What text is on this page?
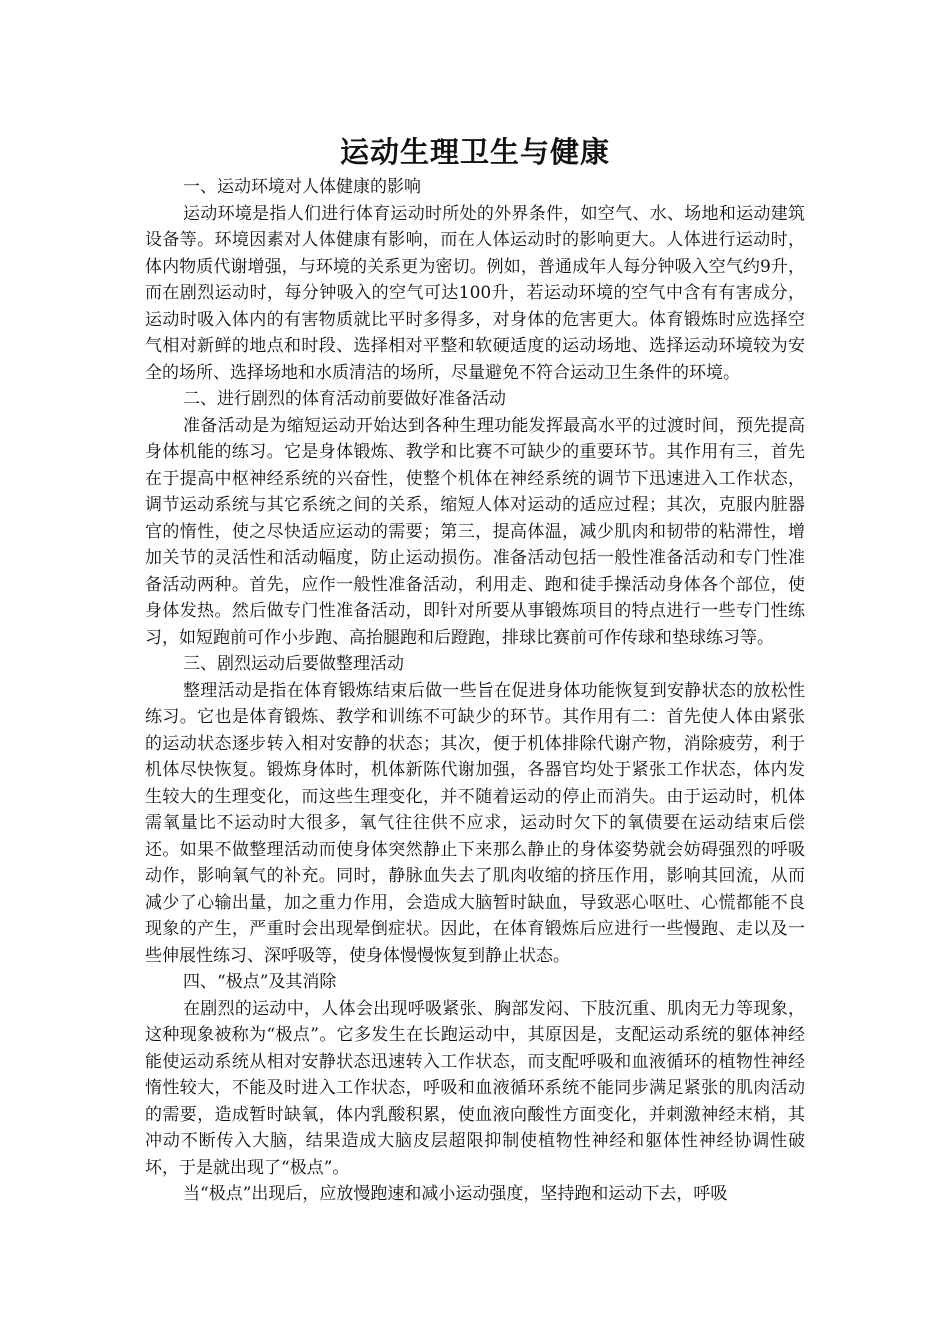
运动生理卫生与健康

一、运动环境对人体健康的影响

运动环境是指人们进行体育运动时所处的外界条件，如空气、水、场地和运动建筑设备等。环境因素对人体健康有影响，而在人体运动时的影响更大。人体进行运动时，体内物质代谢增强，与环境的关系更为密切。例如，普通成年人每分钟吸入空气约9升，而在剧烈运动时，每分钟吸入的空气可达100升，若运动环境的空气中含有有害成分，运动时吸入体内的有害物质就比平时多得多，对身体的危害更大。体育锻炼时应选择空气相对新鲜的地点和时段、选择相对平整和软硬适度的运动场地、选择运动环境较为安全的场所、选择场地和水质清洁的场所，尽量避免不符合运动卫生条件的环境。

二、进行剧烈的体育活动前要做好准备活动

准备活动是为缩短运动开始达到各种生理功能发挥最高水平的过渡时间，预先提高身体机能的练习。它是身体锻炼、教学和比赛不可缺少的重要环节。其作用有三，首先在于提高中枢神经系统的兴奋性，使整个机体在神经系统的调节下迅速进入工作状态，调节运动系统与其它系统之间的关系，缩短人体对运动的适应过程；其次，克服内脏器官的惰性，使之尽快适应运动的需要；第三，提高体温，减少肌肉和韧带的粘滞性，增加关节的灵活性和活动幅度，防止运动损伤。准备活动包括一般性准备活动和专门性准备活动两种。首先，应作一般性准备活动，利用走、跑和徒手操活动身体各个部位，使身体发热。然后做专门性准备活动，即针对所要从事锻炼项目的特点进行一些专门性练习，如短跑前可作小步跑、高抬腿跑和后蹬跑，排球比赛前可作传球和垫球练习等。

三、剧烈运动后要做整理活动

整理活动是指在体育锻炼结束后做一些旨在促进身体功能恢复到安静状态的放松性练习。它也是体育锻炼、教学和训练不可缺少的环节。其作用有二：首先使人体由紧张的运动状态逐步转入相对安静的状态；其次，便于机体排除代谢产物，消除疲劳，利于机体尽快恢复。锻炼身体时，机体新陈代谢加强，各器官均处于紧张工作状态，体内发生较大的生理变化，而这些生理变化，并不随着运动的停止而消失。由于运动时，机体需氧量比不运动时大很多，氧气往往供不应求，运动时欠下的氧债要在运动结束后偿还。如果不做整理活动而使身体突然静止下来那么静止的身体姿势就会妨碍强烈的呼吸动作，影响氧气的补充。同时，静脉血失去了肌肉收缩的挤压作用，影响其回流，从而减少了心输出量，加之重力作用，会造成大脑暂时缺血，导致恶心呕吐、心慌都能不良现象的产生，严重时会出现晕倒症状。因此，在体育锻炼后应进行一些慢跑、走以及一些伸展性练习、深呼吸等，使身体慢慢恢复到静止状态。

四、“极点”及其消除

在剧烈的运动中，人体会出现呼吸紧张、胸部发闷、下肢沉重、肌肉无力等现象，这种现象被称为“极点”。它多发生在长跑运动中，其原因是，支配运动系统的躯体神经能使运动系统从相对安静状态迅速转入工作状态，而支配呼吸和血液循环的植物性神经惰性较大，不能及时进入工作状态，呼吸和血液循环系统不能同步满足紧张的肌肉活动的需要，造成暂时缺氧，体内乳酸积累，使血液向酸性方面变化，并刺激神经末梢，其冲动不断传入大脑，结果造成大脑皮层超限抑制使植物性神经和躯体性神经协调性破坏，于是就出现了“极点”。

当“极点”出现后，应放慢跑速和减小运动强度，坚持跑和运动下去，呼吸
